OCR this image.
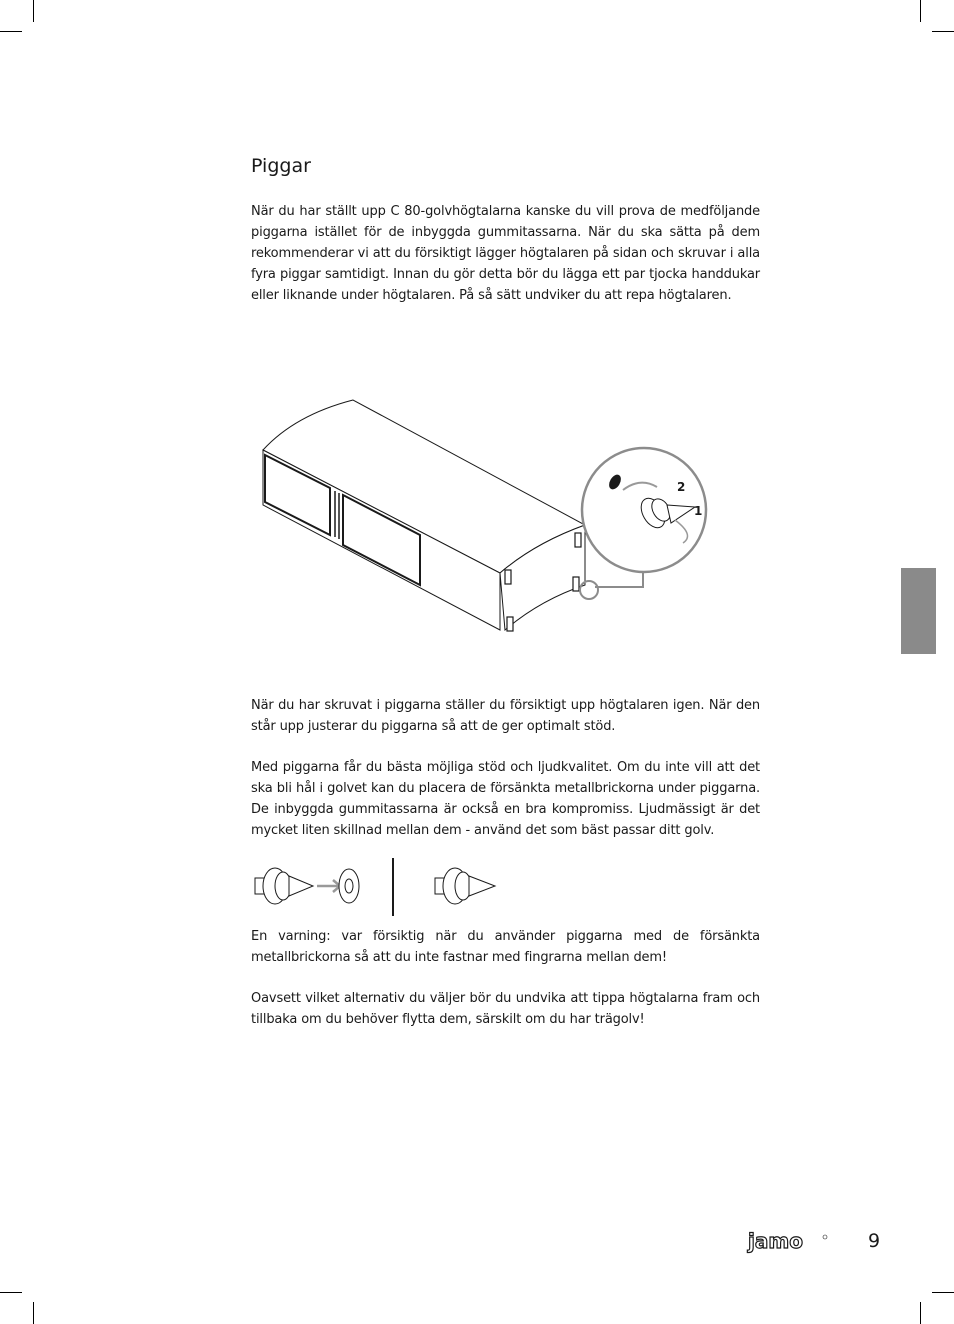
Piggar

När du har ställt upp C 80-golvhögtalarna kanske du vill prova de medföljande piggarna istället för de inbyggda gummitassarna. När du ska sätta på dem rekommenderar vi att du försiktigt lägger högtalaren på sidan och skruvar i alla fyra piggar samtidigt. Innan du gör detta bör du lägga ett par tjocka handdukar eller liknande under högtalaren. På så sätt undviker du att repa högtalaren.

2
1

När du har skruvat i piggarna ställer du försiktigt upp högtalaren igen. När den står upp justerar du piggarna så att de ger optimalt stöd.

Med piggarna får du bästa möjliga stöd och ljudkvalitet. Om du inte vill att det ska bli hål i golvet kan du placera de försänkta metallbrickorna under piggarna. De inbyggda gummitassarna är också en bra kompromiss. Ljudmässigt är det mycket liten skillnad mellan dem - använd det som bäst passar ditt golv.

En varning: var försiktig när du använder piggarna med de försänkta metallbrickorna så att du inte fastnar med fingrarna mellan dem!

Oavsett vilket alternativ du väljer bör du undvika att tippa högtalarna fram och tillbaka om du behöver flytta dem, särskilt om du har trägolv!

jamo	9
